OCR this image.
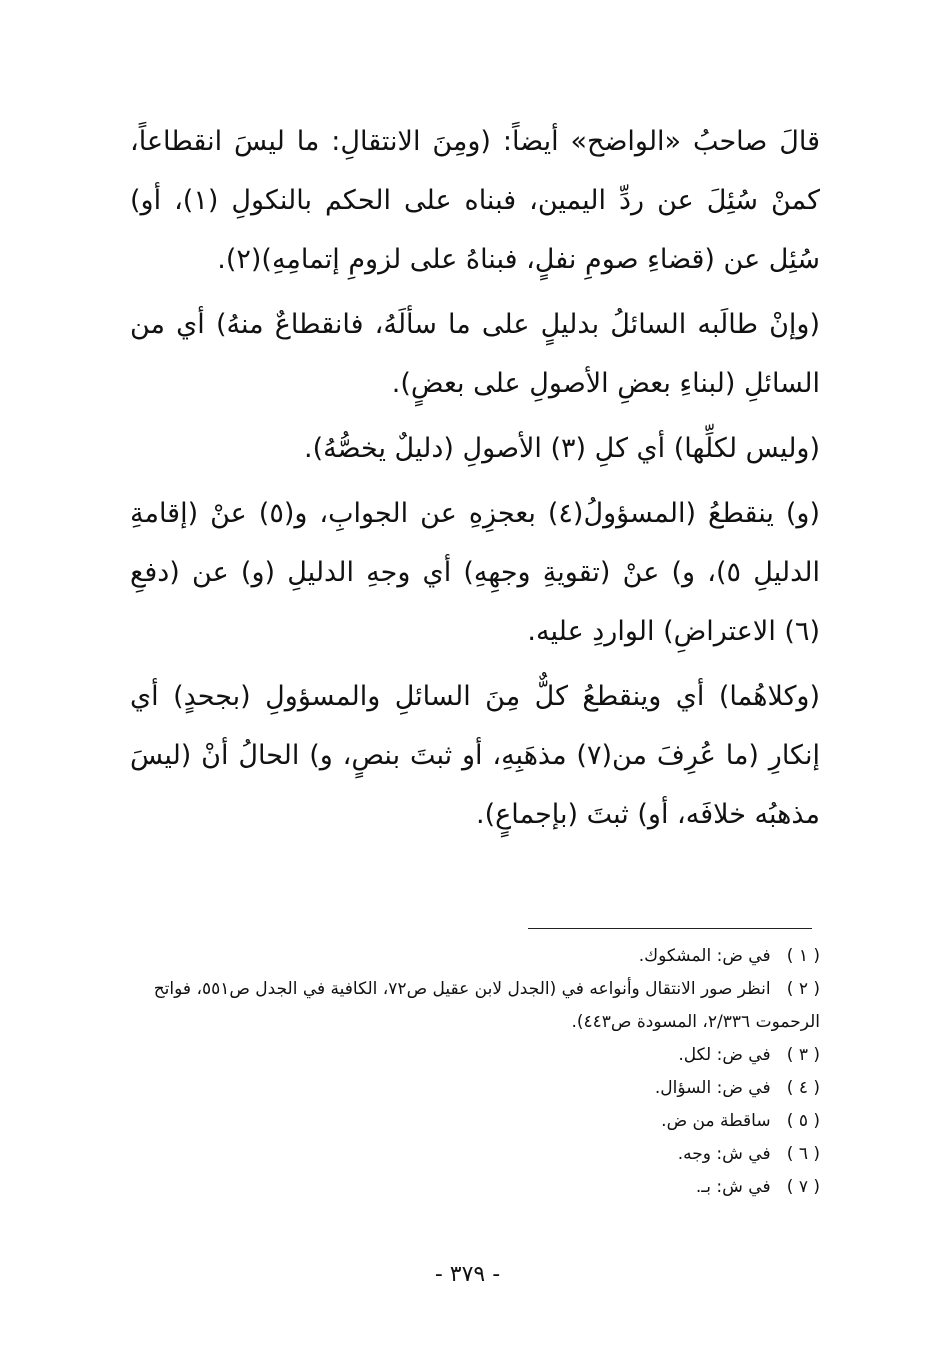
قالَ صاحبُ «الواضح» أيضاً: (ومِنَ الانتقالِ: ما ليسَ انقطاعاً، كمنْ سُئِلَ عن ردِّ اليمين، فبناه على الحكم بالنكولِ (١)، أو) سُئِل عن (قضاءِ صومِ نفلٍ، فبناهُ على لزومِ إتمامِهِ)(٢).

(وإنْ طالَبه السائلُ بدليلٍ على ما سألَهُ، فانقطاعٌ منهُ) أي من السائلِ (لبناءِ بعضِ الأصولِ على بعضٍ).

(وليس لكلِّها) أي كلِ (٣) الأصولِ (دليلٌ يخصُّهُ).

(و) ينقطعُ (المسؤولُ(٤) بعجزِهِ عن الجوابِ، و(٥) عنْ (إقامةِ الدليلِ ٥)، و) عنْ (تقويةِ وجهِهِ) أي وجهِ الدليلِ (و) عن (دفعِ (٦) الاعتراضِ) الواردِ عليه.

(وكلاهُما) أي وينقطعُ كلٌّ مِنَ السائلِ والمسؤولِ (بجحدٍ) أي إنكارِ (ما عُرِفَ من(٧) مذهَبِهِ، أو ثبتَ بنصٍ، و) الحالُ أنْ (ليسَ مذهبُه خلافَه، أو) ثبتَ (بإجماعٍ).

( ١ ) في ض: المشكوك.

( ٢ ) انظر صور الانتقال وأنواعه في (الجدل لابن عقيل ص٧٢، الكافية في الجدل ص٥٥١، فواتح الرحموت ٢/٣٣٦، المسودة ص٤٤٣).

( ٣ ) في ض: لكل.

( ٤ ) في ض: السؤال.

( ٥ ) ساقطة من ض.

( ٦ ) في ش: وجه.

( ٧ ) في ش: بـ.

- ٣٧٩ -
